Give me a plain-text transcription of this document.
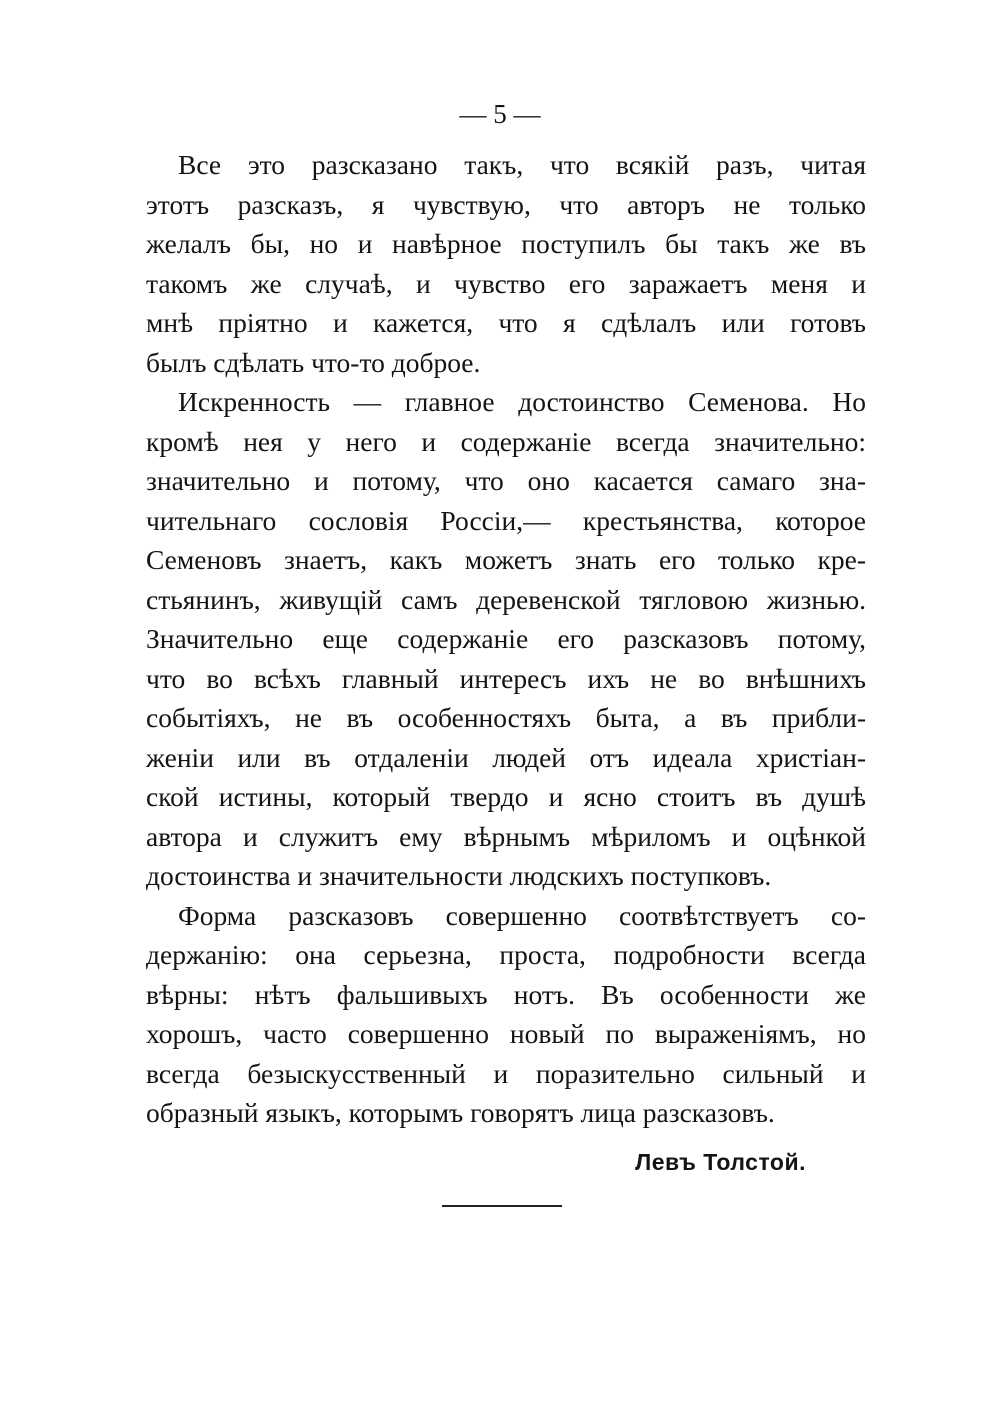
— 5 —

Все это разсказано такъ, что всякій разъ, читая
этотъ разсказъ, я чувствую, что авторъ не только
желалъ бы, но и навѣрное поступилъ бы такъ же въ
такомъ же случаѣ, и чувство его заражаетъ меня и
мнѣ пріятно и кажется, что я сдѣлалъ или готовъ
былъ сдѣлать что-то доброе.

Искренность — главное достоинство Семенова. Но
кромѣ нея у него и содержаніе всегда значительно:
значительно и потому, что оно касается самаго зна-
чительнаго сословія Россіи,— крестьянства, которое
Семеновъ знаетъ, какъ можетъ знать его только кре-
стьянинъ, живущій самъ деревенской тягловою жизнью.
Значительно еще содержаніе его разсказовъ потому,
что во всѣхъ главный интересъ ихъ не во внѣшнихъ
событіяхъ, не въ особенностяхъ быта, а въ прибли-
женіи или въ отдаленіи людей отъ идеала христіан-
ской истины, который твердо и ясно стоитъ въ душѣ
автора и служитъ ему вѣрнымъ мѣриломъ и оцѣнкой
достоинства и значительности людскихъ поступковъ.

Форма разсказовъ совершенно соотвѣтствуетъ со-
держанію: она серьезна, проста, подробности всегда
вѣрны: нѣтъ фальшивыхъ нотъ. Въ особенности же
хорошъ, часто совершенно новый по выраженіямъ, но
всегда безыскусственный и поразительно сильный и
образный языкъ, которымъ говорятъ лица разсказовъ.

Левъ Толстой.
